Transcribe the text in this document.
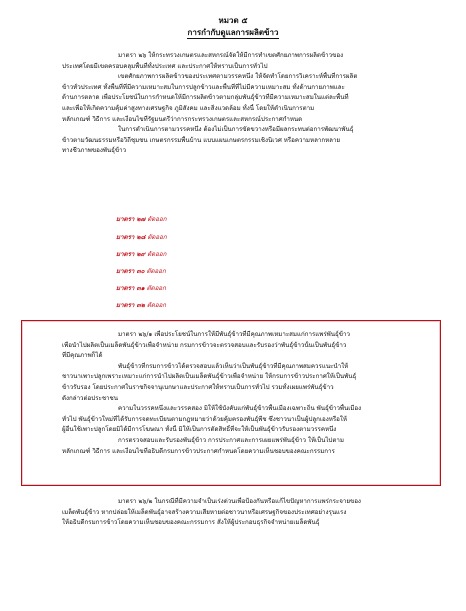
หมวด ๕
การกำกับดูแลการผลิตข้าว
มาตรา ๒๖ ให้กระทรวงเกษตรและสหกรณ์จัดให้มีการทำเขตศักยภาพการผลิตข้าวของ
ประเทศโดยมีเขตครอบคลุมพื้นที่ทั้งประเทศ และประกาศให้ทราบเป็นการทั่วไป
เขตศักยภาพการผลิตข้าวของประเทศตามวรรคหนึ่ง ให้จัดทำโดยการวิเคราะห์พื้นที่การผลิต
ข้าวทั่วประเทศ ทั้งพื้นที่ที่มีความเหมาะสมในการปลูกข้าวและพื้นที่ที่ไม่มีความเหมาะสม ทั้งด้านกายภาพและ
ด้านการตลาด เพื่อประโยชน์ในการกำหนดให้มีการผลิตข้าวตามกลุ่มพันธุ์ข้าวที่มีความเหมาะสมในแต่ละพื้นที่
และเพื่อให้เกิดความคุ้มค่าสูงทางเศรษฐกิจ ภูมิสังคม และสิ่งแวดล้อม ทั้งนี้ โดยให้ดำเนินการตาม
หลักเกณฑ์ วิธีการ และเงื่อนไขที่รัฐมนตรีว่าการกระทรวงเกษตรและสหกรณ์ประกาศกำหนด
ในการดำเนินการตามวรรคหนึ่ง ต้องไม่เป็นการขัดขวางหรือมีผลกระทบต่อการพัฒนาพันธุ์
ข้าวตามวัฒนธรรมหรือวิถีชุมชน เกษตรกรรมพื้นบ้าน แบบแผนเกษตรกรรมเชิงนิเวศ หรือความหลากหลาย
ทางชีวภาพของพันธุ์ข้าว
มาตรา ๒๗ ตัดออก
มาตรา ๒๘ ตัดออก
มาตรา ๒๙ ตัดออก
มาตรา ๓๐ ตัดออก
มาตรา ๓๑ ตัดออก
มาตรา ๓๒ ตัดออก
มาตรา ๒๖/๑ เพื่อประโยชน์ในการให้มีพันธุ์ข้าวที่มีคุณภาพเหมาะสมแก่การแพร่พันธุ์ข้าว
เพื่อนำไปผลิตเป็นเมล็ดพันธุ์ข้าวเพื่อจำหน่าย กรมการข้าวจะตรวจสอบและรับรองว่าพันธุ์ข้าวนั้นเป็นพันธุ์ข้าว
ที่มีคุณภาพก็ได้
พันธุ์ข้าวที่กรมการข้าวได้ตรวจสอบแล้วเห็นว่าเป็นพันธุ์ข้าวที่มีคุณภาพสมควรแนะนำให้
ชาวนาเพาะปลูกเพราะเหมาะแก่การนำไปผลิตเป็นเมล็ดพันธุ์ข้าวเพื่อจำหน่าย ให้กรมการข้าวประกาศให้เป็นพันธุ์
ข้าวรับรอง โดยประกาศในราชกิจจานุเบกษาและประกาศให้ทราบเป็นการทั่วไป รวมทั้งเผยแพร่พันธุ์ข้าว
ดังกล่าวต่อประชาชน
ความในวรรคหนึ่งและวรรคสอง มิให้ใช้บังคับแก่พันธุ์ข้าวพื้นเมืองเฉพาะถิ่น พันธุ์ข้าวพื้นเมือง
ทั่วไป พันธุ์ข้าวใหม่ที่ได้รับการจดทะเบียนตามกฎหมายว่าด้วยคุ้มครองพันธุ์พืช ซึ่งชาวนาเป็นผู้ปลูกเองหรือให้
ผู้อื่นใช้เพาะปลูกโดยมิได้มีการโฆษณา ทั้งนี้ มิให้เป็นการตัดสิทธิ์ที่จะให้เป็นพันธุ์ข้าวรับรองตามวรรคหนึ่ง
การตรวจสอบและรับรองพันธุ์ข้าว การประกาศและการเผยแพร่พันธุ์ข้าว ให้เป็นไปตาม
หลักเกณฑ์ วิธีการ และเงื่อนไขที่อธิบดีกรมการข้าวประกาศกำหนดโดยความเห็นชอบของคณะกรรมการ
มาตรา ๒๖/๒ ในกรณีที่มีความจำเป็นเร่งด่วนเพื่อป้องกันหรือแก้ไขปัญหาการแพร่กระจายของ
เมล็ดพันธุ์ข้าว หากปล่อยให้เมล็ดพันธุ์อาจสร้างความเสียหายต่อชาวนาหรือเศรษฐกิจของประเทศอย่างรุนแรง
ให้อธิบดีกรมการข้าวโดยความเห็นชอบของคณะกรรมการ สั่งให้ผู้ประกอบธุรกิจจำหน่ายเมล็ดพันธุ์
